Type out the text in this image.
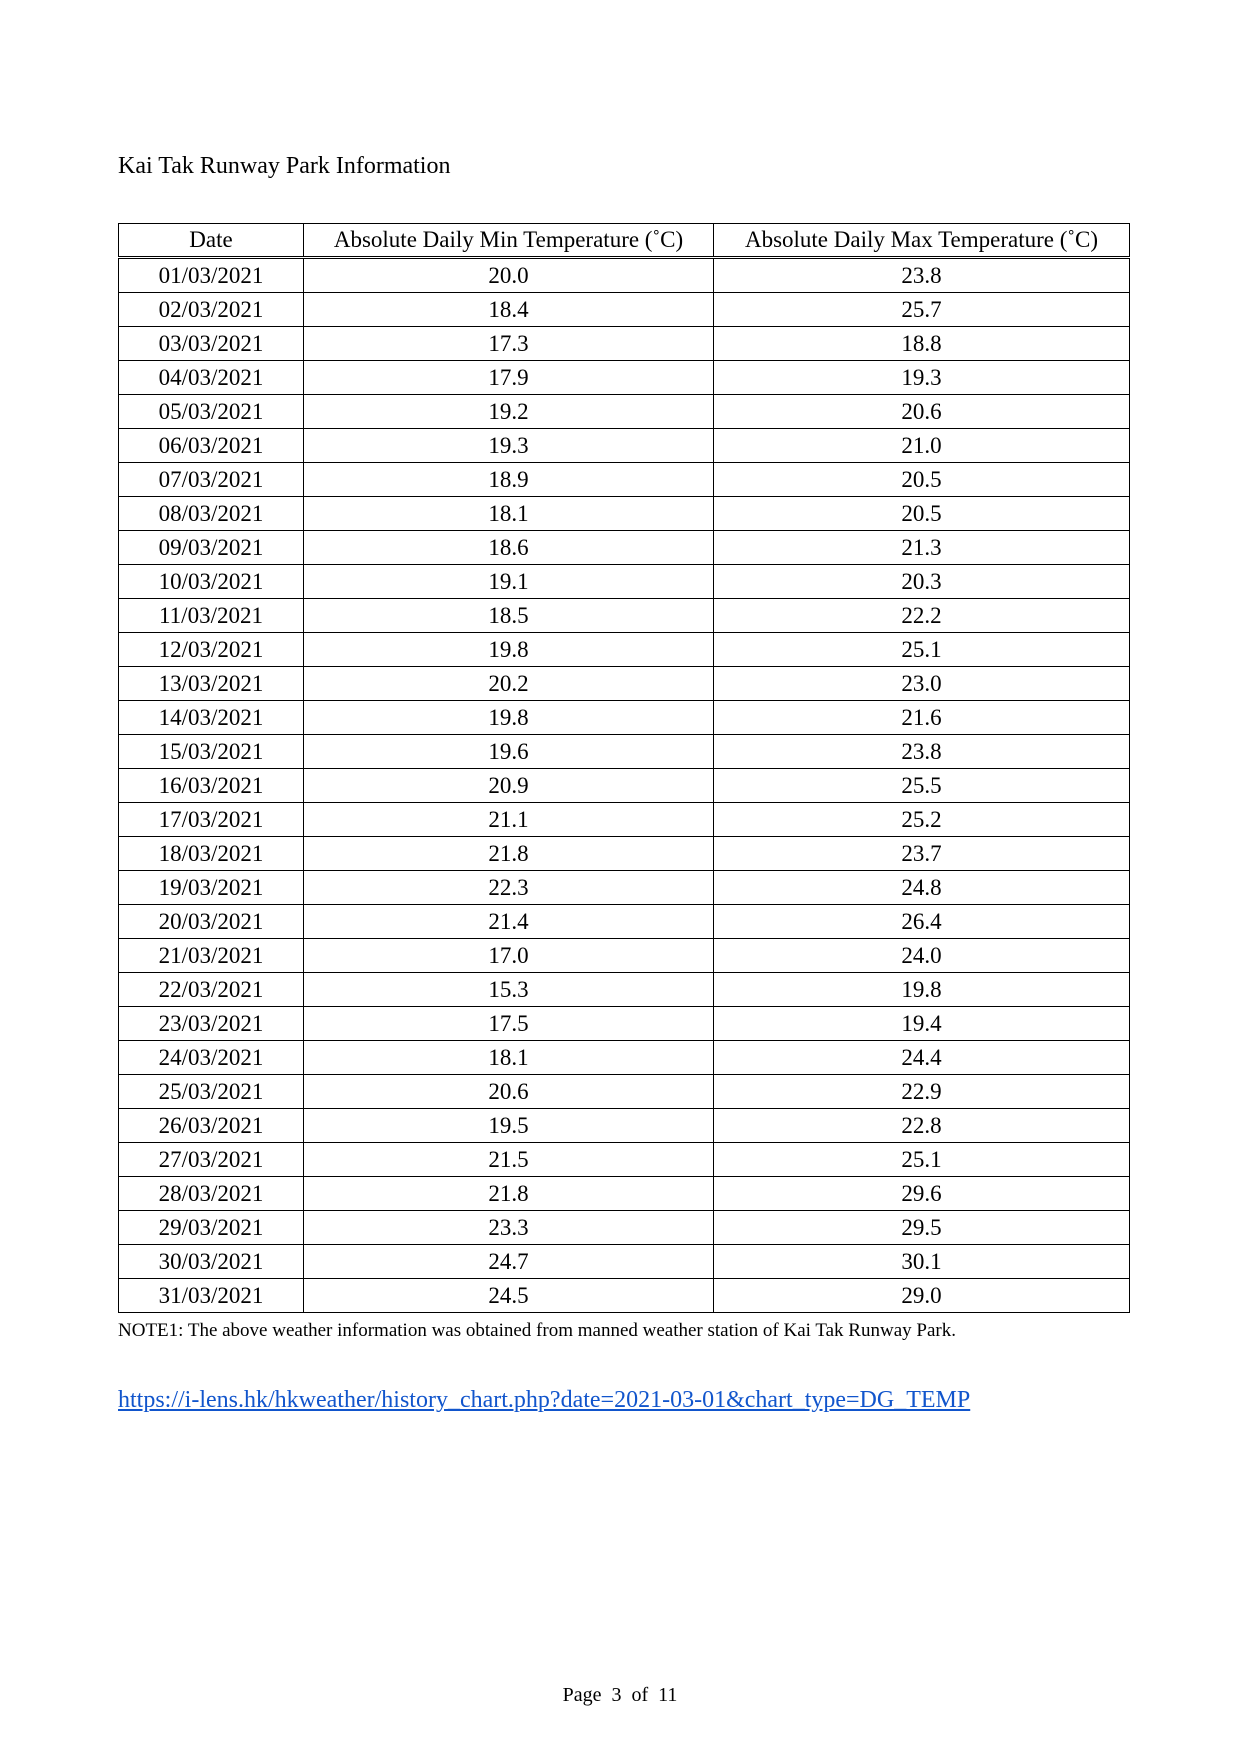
Kai Tak Runway Park Information
Date	Absolute Daily Min Temperature (˚C)	Absolute Daily Max Temperature (˚C)
01/03/2021	20.0	23.8
02/03/2021	18.4	25.7
03/03/2021	17.3	18.8
04/03/2021	17.9	19.3
05/03/2021	19.2	20.6
06/03/2021	19.3	21.0
07/03/2021	18.9	20.5
08/03/2021	18.1	20.5
09/03/2021	18.6	21.3
10/03/2021	19.1	20.3
11/03/2021	18.5	22.2
12/03/2021	19.8	25.1
13/03/2021	20.2	23.0
14/03/2021	19.8	21.6
15/03/2021	19.6	23.8
16/03/2021	20.9	25.5
17/03/2021	21.1	25.2
18/03/2021	21.8	23.7
19/03/2021	22.3	24.8
20/03/2021	21.4	26.4
21/03/2021	17.0	24.0
22/03/2021	15.3	19.8
23/03/2021	17.5	19.4
24/03/2021	18.1	24.4
25/03/2021	20.6	22.9
26/03/2021	19.5	22.8
27/03/2021	21.5	25.1
28/03/2021	21.8	29.6
29/03/2021	23.3	29.5
30/03/2021	24.7	30.1
31/03/2021	24.5	29.0
NOTE1: The above weather information was obtained from manned weather station of Kai Tak Runway Park.
https://i-lens.hk/hkweather/history_chart.php?date=2021-03-01&chart_type=DG_TEMP
Page  3  of  11
